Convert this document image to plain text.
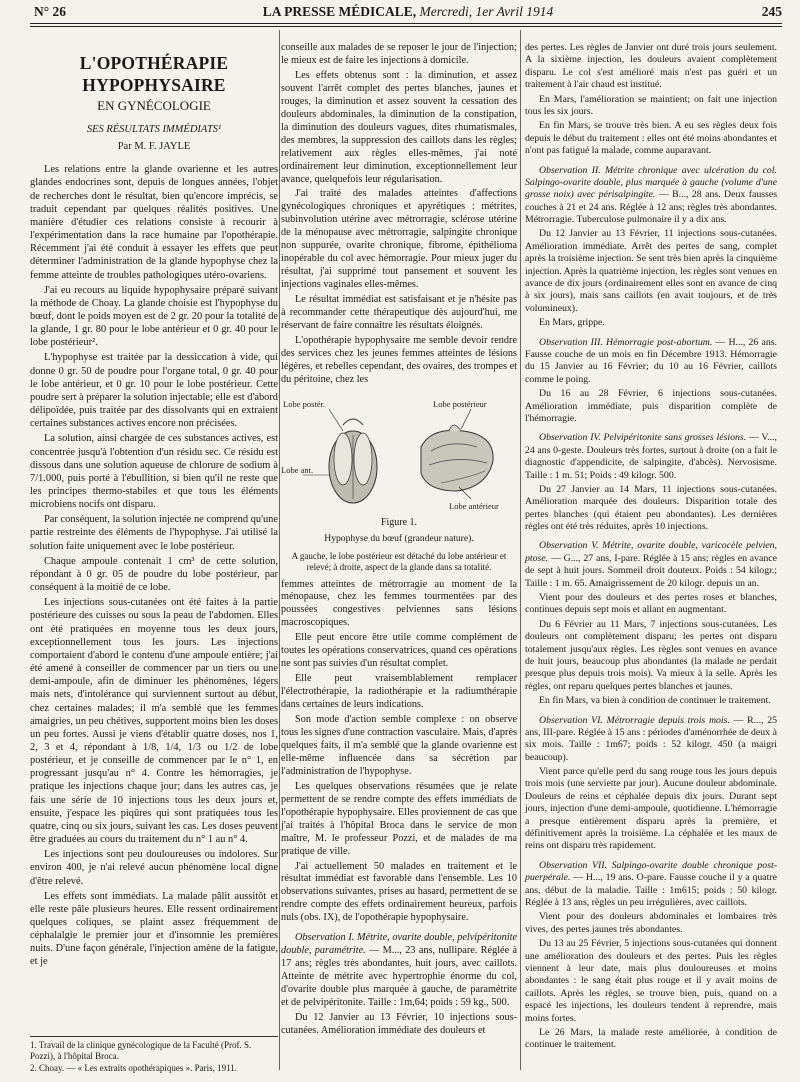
N° 26	LA PRESSE MÉDICALE, Mercredi, 1er Avril 1914	245
L'OPOTHÉRAPIE HYPOPHYSAIRE
EN GYNÉCOLOGIE
SES RÉSULTATS IMMÉDIATS¹
Par M. F. JAYLE

Les relations entre la glande ovarienne et les autres glandes endocrines sont, depuis de longues années, l'objet de recherches dont le résultat, bien qu'encore imprécis, se traduit cependant par quelques réalités positives. Une manière d'étudier ces relations consiste à recourir à l'expérimentation dans la race humaine par l'opothérapie. Récemment j'ai été conduit à essayer les effets que peut déterminer l'administration de la glande hypophyse chez la femme atteinte de troubles pathologiques utéro-ovariens.

J'ai eu recours au liquide hypophysaire préparé suivant la méthode de Choay. La glande choisie est l'hypophyse du bœuf, dont le poids moyen est de 2 gr. 20 pour la totalité de la glande, 1 gr. 80 pour le lobe antérieur et 0 gr. 40 pour le lobe postérieur².

L'hypophyse est traitée par la dessiccation à vide, qui donne 0 gr. 50 de poudre pour l'organe total, 0 gr. 40 pour le lobe antérieur, et 0 gr. 10 pour le lobe postérieur. Cette poudre sert à préparer la solution injectable; elle est d'abord délipoïdée, puis traitée par des dissolvants qui en extraient certaines substances actives encore non précisées.

La solution, ainsi chargée de ces substances actives, est concentrée jusqu'à l'obtention d'un résidu sec. Ce résidu est dissous dans une solution aqueuse de chlorure de sodium à 7/1.000, puis porté à l'ébullition, si bien qu'il ne reste que les principes thermo-stabiles et que tous les éléments microbiens nocifs ont disparu.

Par conséquent, la solution injectée ne comprend qu'une partie restreinte des éléments de l'hypophyse. J'ai utilisé la solution faite uniquement avec le lobe postérieur.

Chaque ampoule contenait 1 cm³ de cette solution, répondant à 0 gr. 05 de poudre du lobe postérieur, par conséquent à la moitié de ce lobe.

Les injections sous-cutanées ont été faites à la partie postérieure des cuisses ou sous la peau de l'abdomen. Elles ont été pratiquées en moyenne tous les deux jours, exceptionnellement tous les jours. Les injections comportaient d'abord le contenu d'une ampoule entière; j'ai été amené à conseiller de commencer par un tiers ou une demi-ampoule, afin de diminuer les phénomènes, légers mais nets, d'intolérance qui surviennent surtout au début, chez certaines malades; il m'a semblé que les femmes amaigries, un peu chétives, supportent moins bien les doses un peu fortes. Aussi je viens d'établir quatre doses, nos 1, 2, 3 et 4, répondant à 1/8, 1/4, 1/3 ou 1/2 de lobe postérieur, et je conseille de commencer par le n° 1, en progressant jusqu'au n° 4. Contre les hémorragies, je pratique les injections chaque jour; dans les autres cas, je fais une série de 10 injections tous les deux jours et, ensuite, j'espace les piqûres qui sont pratiquées tous les quatre, cinq ou six jours, suivant les cas. Les doses peuvent être graduées au cours du traitement du n° 1 au n° 4.

Les injections sont peu douloureuses ou indolores. Sur environ 400, je n'ai relevé aucun phénomène local digne d'être relevé.

Les effets sont immédiats. La malade pâlit aussitôt et elle reste pâle plusieurs heures. Elle ressent ordinairement quelques coliques, se plaint assez fréquemment de céphalalgie le premier jour et d'insomnie les premières nuits. D'une façon générale, l'injection amène de la fatigue, et je

1. Travail de la clinique gynécologique de la Faculté (Prof. S. Pozzi), à l'hôpital Broca.
2. Choay. — « Les extraits opothérapiques ». Paris, 1911.

conseille aux malades de se reposer le jour de l'injection; le mieux est de faire les injections à domicile.

Les effets obtenus sont : la diminution, et assez souvent l'arrêt complet des pertes blanches, jaunes et rouges, la diminution et assez souvent la cessation des douleurs abdominales, la diminution de la constipation, la diminution des douleurs vagues, dites rhumatismales, des membres, la suppression des caillots dans les règles; relativement aux règles elles-mêmes, j'ai noté ordinairement leur diminution, exceptionnellement leur avance, quelquefois leur régularisation.

J'ai traité des malades atteintes d'affections gynécologiques chroniques et apyrétiques : métrites, subinvolution utérine avec métrorragie, sclérose utérine de la ménopause avec métrorragie, salpingite chronique non suppurée, ovarite chronique, fibrome, épithélioma inopérable du col avec hémorragie. Pour mieux juger du résultat, j'ai supprimé tout pansement et souvent les injections vaginales elles-mêmes.

Le résultat immédiat est satisfaisant et je n'hésite pas à recommander cette thérapeutique dès aujourd'hui, me réservant de faire connaître les résultats éloignés.

L'opothérapie hypophysaire me semble devoir rendre des services chez les jeunes femmes atteintes de lésions légères, et rebelles cependant, des ovaires, des trompes et du péritoine, chez les

Lobe postér.	Lobe postérieur
Lobe ant.
Lobe antérieur
Figure 1.
Hypophyse du bœuf (grandeur nature).
A gauche, le lobe postérieur est détaché du lobe antérieur et relevé; à droite, aspect de la glande dans sa totalité.

femmes atteintes de métrorragie au moment de la ménopause, chez les femmes tourmentées par des poussées congestives pelviennes sans lésions macroscopiques.

Elle peut encore être utile comme complément de toutes les opérations conservatrices, quand ces opérations ne sont pas suivies d'un résultat complet.

Elle peut vraisemblablement remplacer l'électrothérapie, la radiothérapie et la radiumthérapie dans certaines de leurs indications.

Son mode d'action semble complexe : on observe tous les signes d'une contraction vasculaire. Mais, d'après quelques faits, il m'a semblé que la glande ovarienne est elle-même influencée dans sa sécrétion par l'administration de l'hypophyse.

Les quelques observations résumées que je relate permettent de se rendre compte des effets immédiats de l'opothérapie hypophysaire. Elles proviennent de cas que j'ai traités à l'hôpital Broca dans le service de mon maître, M. le professeur Pozzi, et de malades de ma pratique de ville.

J'ai actuellement 50 malades en traitement et le résultat immédiat est favorable dans l'ensemble. Les 10 observations suivantes, prises au hasard, permettent de se rendre compte des effets ordinairement heureux, parfois nuls (obs. IX), de l'opothérapie hypophysaire.

Observation I. Métrite, ovarite double, pelvipéritonite double, paramétrite. — M..., 23 ans, nullipare. Réglée à 17 ans; règles très abondantes, huit jours, avec caillots. Atteinte de métrite avec hypertrophie énorme du col, d'ovarite double plus marquée à gauche, de paramétrite et de pelvipéritonite. Taille : 1m,64; poids : 59 kg., 500.

Du 12 Janvier au 13 Février, 10 injections sous-cutanées. Amélioration immédiate des douleurs et

des pertes. Les règles de Janvier ont duré trois jours seulement. A la sixième injection, les douleurs avaient complètement disparu. Le col s'est amélioré mais n'est pas guéri et un traitement à l'air chaud est institué.

En Mars, l'amélioration se maintient; on fait une injection tous les six jours.

En fin Mars, se trouve très bien. A eu ses règles deux fois depuis le début du traitement : elles ont été moins abondantes et n'ont pas fatigué la malade, comme auparavant.

Observation II. Métrite chronique avec ulcération du col. Salpingo-ovarite double, plus marquée à gauche (volume d'une grosse noix) avec périsalpingite. — B..., 28 ans. Deux fausses couches à 21 et 24 ans. Réglée à 12 ans; règles très abondantes. Métrorragie. Tuberculose pulmonaire il y a dix ans.

Du 12 Janvier au 13 Février, 11 injections sous-cutanées. Amélioration immédiate. Arrêt des pertes de sang, complet après la troisième injection. Se sent très bien après la cinquième injection. Après la quatrième injection, les règles sont venues en avance de dix jours (ordinairement elles sont en avance de cinq à six jours), mais sans caillots (en avait toujours, et de très volumineux).

En Mars, grippe.

Observation III. Hémorragie post-abortum. — H..., 26 ans. Fausse couche de un mois en fin Décembre 1913. Hémorragie du 15 Janvier au 16 Février; du 10 au 16 Février, caillots comme le poing.

Du 16 au 28 Février, 6 injections sous-cutanées. Amélioration immédiate, puis disparition complète de l'hémorragie.

Observation IV. Pelvipéritonite sans grosses lésions. — V..., 24 ans 0-geste. Douleurs très fortes, surtout à droite (on a fait le diagnostic d'appendicite, de salpingite, d'abcès). Nervosisme. Taille : 1 m. 51; Poids : 49 kilogr. 500.

Du 27 Janvier au 14 Mars, 11 injections sous-cutanées. Amélioration marquée des douleurs. Disparition totale des pertes blanches (qui étaient peu abondantes). Les dernières règles ont été très réduites, après 10 injections.

Observation V. Métrite, ovarite double, varicocèle pelvien, ptose. — G..., 27 ans, I-pare. Réglée à 15 ans; règles en avance de sept à huit jours. Sommeil droit douteux. Poids : 54 kilogr.; Taille : 1 m. 65. Amaigrissement de 20 kilogr. depuis un an.

Vient pour des douleurs et des pertes roses et blanches, continues depuis sept mois et allant en augmentant.

Du 6 Février au 11 Mars, 7 injections sous-cutanées. Les douleurs ont complètement disparu; les pertes ont disparu totalement jusqu'aux règles. Les règles sont venues en avance de huit jours, beaucoup plus abondantes (la malade ne perdait presque plus depuis trois mois). Va mieux à la selle. Après les règles, ont reparu quelques pertes blanches et jaunes.

En fin Mars, va bien à condition de continuer le traitement.

Observation VI. Métrorragie depuis trois mois. — R..., 25 ans, III-pare. Réglée à 15 ans : périodes d'aménorrhée de deux à six mois. Taille : 1m67; poids : 52 kilogr. 450 (a maigri beaucoup).

Vient parce qu'elle perd du sang rouge tous les jours depuis trois mois (une serviette par jour). Aucune douleur abdominale. Douleurs de reins et céphalée depuis dix jours. Durant sept jours, injection d'une demi-ampoule, quotidienne. L'hémorragie a presque entièrement disparu après la première, et définitivement après la troisième. La céphalée et les maux de reins ont disparu très rapidement.

Observation VII. Salpingo-ovarite double chronique post-puerpérale. — H..., 19 ans. O-pare. Fausse couche il y a quatre ans, début de la maladie. Taille : 1m615; poids : 50 kilogr. Réglée à 13 ans, règles un peu irrégulières, avec caillots.

Vient pour des douleurs abdominales et lombaires très vives, des pertes jaunes très abondantes.

Du 13 au 25 Février, 5 injections sous-cutanées qui donnent une amélioration des douleurs et des pertes. Puis les règles viennent à leur date, mais plus douloureuses et moins abondantes : le sang était plus rouge et il y avait moins de caillots. Après les règles, se trouve bien, puis, quand on a espacé les injections, les douleurs tendent à reprendre, mais moins fortes.

Le 26 Mars, la malade reste améliorée, à condition de continuer le traitement.
